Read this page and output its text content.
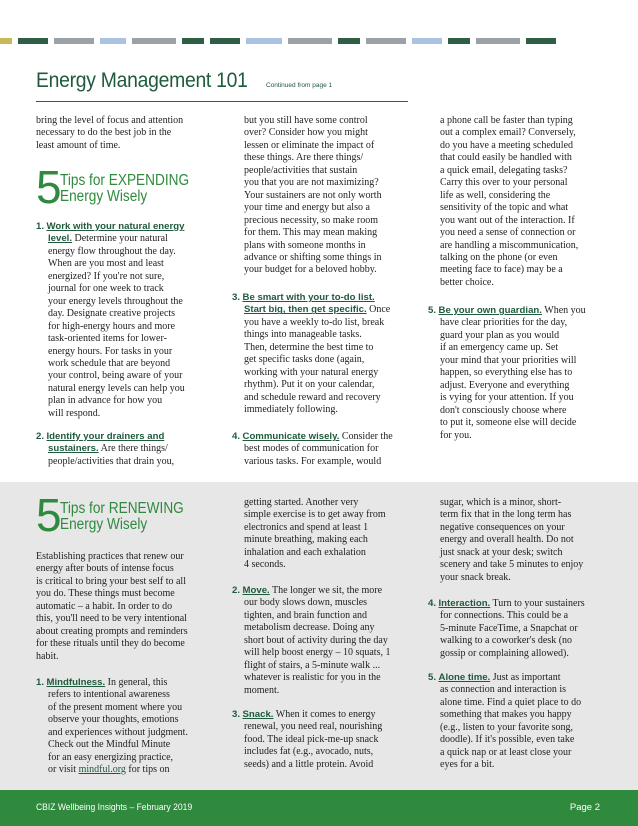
Energy Management 101	Continued from page 1
bring the level of focus and attention
necessary to do the best job in the
least amount of time.
5
Tips for EXPENDING
Energy Wisely
1. Work with your natural energy
level. Determine your natural
energy flow throughout the day.
When are you most and least
energized? If you're not sure,
journal for one week to track
your energy levels throughout the
day. Designate creative projects
for high-energy hours and more
task-oriented items for lower-
energy hours. For tasks in your
work schedule that are beyond
your control, being aware of your
natural energy levels can help you
plan in advance for how you
will respond.
2. Identify your drainers and
sustainers. Are there things/
people/activities that drain you,
but you still have some control
over? Consider how you might
lessen or eliminate the impact of
these things. Are there things/
people/activities that sustain
you that you are not maximizing?
Your sustainers are not only worth
your time and energy but also a
precious necessity, so make room
for them. This may mean making
plans with someone months in
advance or shifting some things in
your budget for a beloved hobby.
3. Be smart with your to-do list.
Start big, then get specific. Once
you have a weekly to-do list, break
things into manageable tasks.
Then, determine the best time to
get specific tasks done (again,
working with your natural energy
rhythm). Put it on your calendar,
and schedule reward and recovery
immediately following.
4. Communicate wisely. Consider the
best modes of communication for
various tasks. For example, would
a phone call be faster than typing
out a complex email? Conversely,
do you have a meeting scheduled
that could easily be handled with
a quick email, delegating tasks?
Carry this over to your personal
life as well, considering the
sensitivity of the topic and what
you want out of the interaction. If
you need a sense of connection or
are handling a miscommunication,
talking on the phone (or even
meeting face to face) may be a
better choice.
5. Be your own guardian. When you
have clear priorities for the day,
guard your plan as you would
if an emergency came up. Set
your mind that your priorities will
happen, so everything else has to
adjust. Everyone and everything
is vying for your attention. If you
don't consciously choose where
to put it, someone else will decide
for you.
5
Tips for RENEWING
Energy Wisely
Establishing practices that renew our
energy after bouts of intense focus
is critical to bring your best self to all
you do. These things must become
automatic – a habit. In order to do
this, you'll need to be very intentional
about creating prompts and reminders
for these rituals until they do become
habit.
1. Mindfulness. In general, this
refers to intentional awareness
of the present moment where you
observe your thoughts, emotions
and experiences without judgment.
Check out the Mindful Minute
for an easy energizing practice,
or visit mindful.org for tips on
getting started. Another very
simple exercise is to get away from
electronics and spend at least 1
minute breathing, making each
inhalation and each exhalation
4 seconds.
2. Move. The longer we sit, the more
our body slows down, muscles
tighten, and brain function and
metabolism decrease. Doing any
short bout of activity during the day
will help boost energy – 10 squats, 1
flight of stairs, a 5-minute walk ...
whatever is realistic for you in the
moment.
3. Snack. When it comes to energy
renewal, you need real, nourishing
food. The ideal pick-me-up snack
includes fat (e.g., avocado, nuts,
seeds) and a little protein. Avoid
sugar, which is a minor, short-
term fix that in the long term has
negative consequences on your
energy and overall health. Do not
just snack at your desk; switch
scenery and take 5 minutes to enjoy
your snack break.
4. Interaction. Turn to your sustainers
for connections. This could be a
5-minute FaceTime, a Snapchat or
walking to a coworker's desk (no
gossip or complaining allowed).
5. Alone time. Just as important
as connection and interaction is
alone time. Find a quiet place to do
something that makes you happy
(e.g., listen to your favorite song,
doodle). If it's possible, even take
a quick nap or at least close your
eyes for a bit.
CBIZ Wellbeing Insights – February 2019	Page 2
